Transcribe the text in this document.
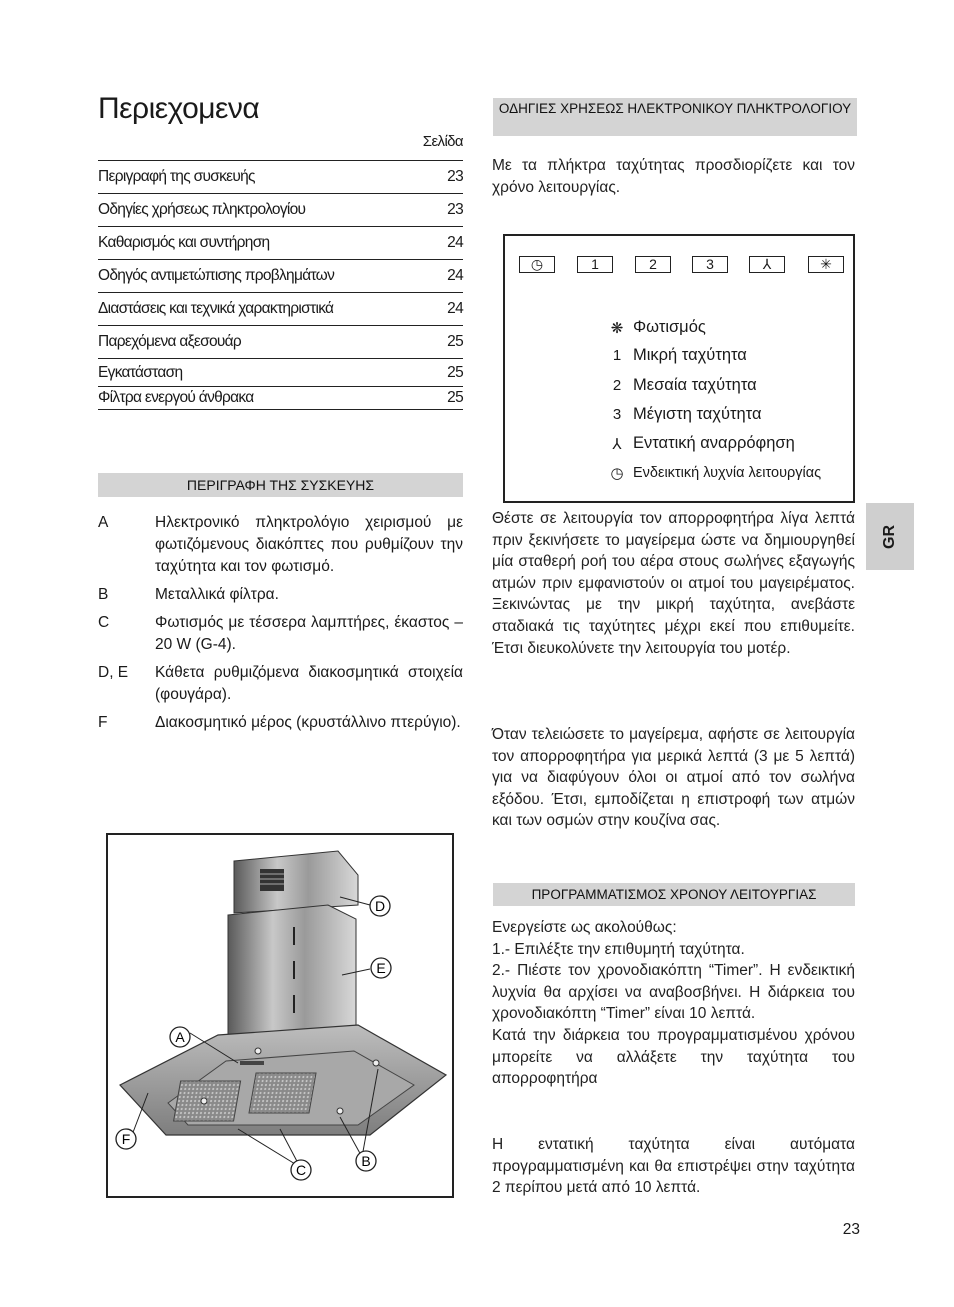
Περιεχομενα
Σελίδα
Περιγραφή της συσκευής	23
Οδηγίες χρήσεως πληκτρολογίου	23
Καθαρισμός και συντήρηση	24
Οδηγός αντιμετώπισης προβλημάτων	24
Διαστάσεις και τεχνικά χαρακτηριστικά	24
Παρεχόμενα αξεσουάρ	25
Εγκατάσταση	25
Φίλτρα ενεργού άνθρακα	25
ΠΕΡΙΓΡΑΦΗ ΤΗΣ ΣΥΣΚΕΥΗΣ
A	Ηλεκτρονικό πληκτρολόγιο χειρισμού με φωτιζόμενους διακόπτες που ρυθμίζουν την ταχύτητα και τον φωτισμό.
B	Μεταλλικά φίλτρα.
C	Φωτισμός με τέσσερα λαμπτήρες, έκαστος – 20 W (G-4).
D, E	Κάθετα ρυθμιζόμενα διακοσμητικά στοιχεία (φουγάρα).
F	Διακοσμητικό μέρος (κρυστάλλινο πτερύγιο).
D
E
A
F
C
B
ΟΔΗΓΙΕΣ ΧΡΗΣΕΩΣ ΗΛΕΚΤΡΟΝΙΚΟΥ ΠΛΗΚΤΡΟΛΟΓΙΟΥ
Με τα πλήκτρα ταχύτητας προσδιορίζετε και τον χρόνο λειτουργίας.
◷	1	2	3	⅄	✳
❋ Φωτισμός
1 Μικρή ταχύτητα
2 Μεσαία ταχύτητα
3 Μέγιστη ταχύτητα
⅄ Εντατική αναρρόφηση
◷ Ενδεικτική λυχνία λειτουργίας
Θέστε σε λειτουργία τον απορροφητήρα λίγα λεπτά πριν ξεκινήσετε το μαγείρεμα ώστε να δημιουργηθεί μία σταθερή ροή του αέρα στους σωλήνες εξαγωγής ατμών πριν εμφανιστούν οι ατμοί του μαγειρέματος. Ξεκινώντας με την μικρή ταχύτητα, ανεβάστε σταδιακά τις ταχύτητες μέχρι εκεί που επιθυμείτε. Έτσι διευκολύνετε την λειτουργία του μοτέρ.
Όταν τελειώσετε το μαγείρεμα, αφήστε σε λειτουργία τον απορροφητήρα για μερικά λεπτά (3 με 5 λεπτά) για να διαφύγουν όλοι οι ατμοί από τον σωλήνα εξόδου. Έτσι, εμποδίζεται η επιστροφή των ατμών και των οσμών στην κουζίνα σας.
ΠΡΟΓΡΑΜΜΑΤΙΣΜΟΣ ΧΡΟΝΟΥ ΛΕΙΤΟΥΡΓΙΑΣ
Ενεργείστε ως ακολούθως:
1.- Επιλέξτε την επιθυμητή ταχύτητα.
2.- Πιέστε τον χρονοδιακόπτη “Timer”. Η ενδεικτική λυχνία θα αρχίσει να αναβοσβήνει. Η διάρκεια του χρονοδιακόπτη “Timer” είναι 10 λεπτά.
Κατά την διάρκεια του προγραμματισμένου χρόνου μπορείτε να αλλάξετε την ταχύτητα του απορροφητήρα
Η εντατική ταχύτητα είναι αυτόματα προγραμματισμένη και θα επιστρέψει στην ταχύτητα 2 περίπου μετά από 10 λεπτά.
GR
23
